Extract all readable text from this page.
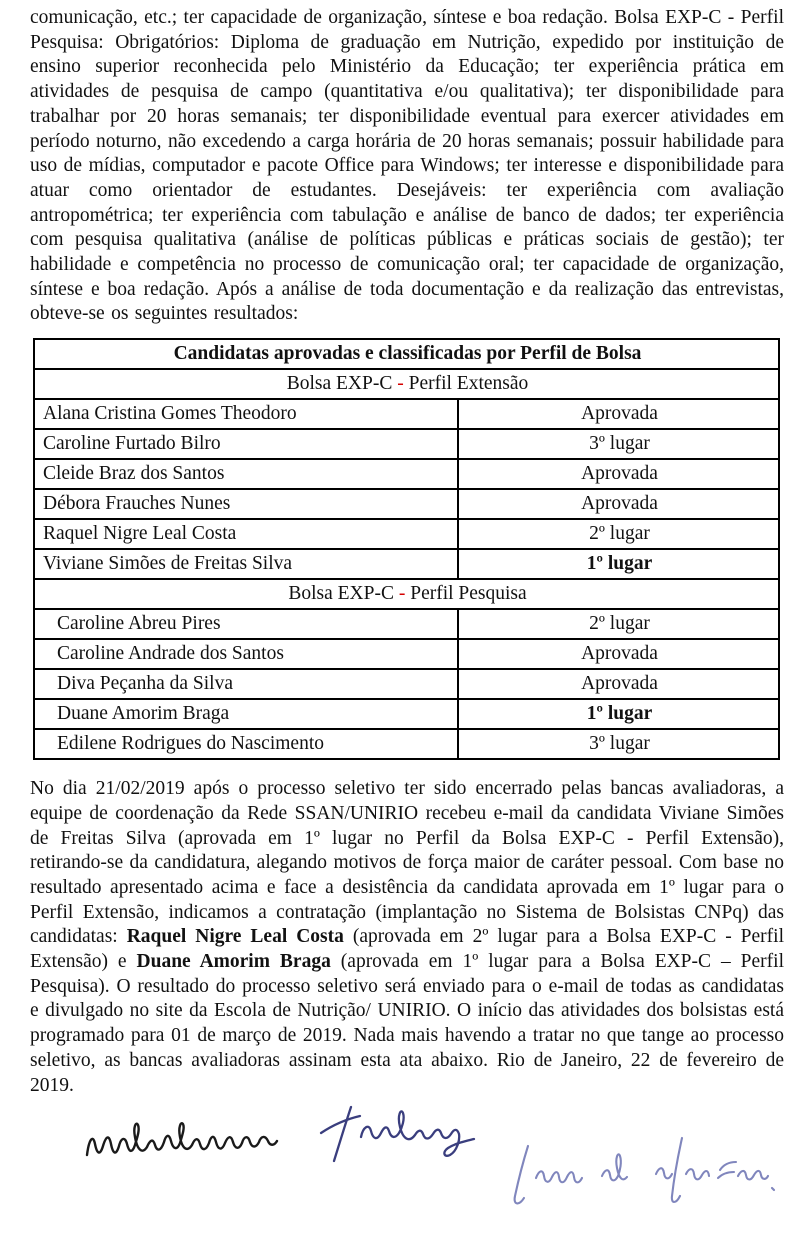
comunicação, etc.; ter capacidade de organização, síntese e boa redação. Bolsa EXP-C - Perfil Pesquisa: Obrigatórios: Diploma de graduação em Nutrição, expedido por instituição de ensino superior reconhecida pelo Ministério da Educação; ter experiência prática em atividades de pesquisa de campo (quantitativa e/ou qualitativa); ter disponibilidade para trabalhar por 20 horas semanais; ter disponibilidade eventual para exercer atividades em período noturno, não excedendo a carga horária de 20 horas semanais; possuir habilidade para uso de mídias, computador e pacote Office para Windows; ter interesse e disponibilidade para atuar como orientador de estudantes. Desejáveis: ter experiência com avaliação antropométrica; ter experiência com tabulação e análise de banco de dados; ter experiência com pesquisa qualitativa (análise de políticas públicas e práticas sociais de gestão); ter habilidade e competência no processo de comunicação oral; ter capacidade de organização, síntese e boa redação. Após a análise de toda documentação e da realização das entrevistas, obteve-se os seguintes resultados:

Candidatas aprovadas e classificadas por Perfil de Bolsa	
Bolsa EXP-C - Perfil Extensão	
Alana Cristina Gomes Theodoro	Aprovada
Caroline Furtado Bilro	3º lugar
Cleide Braz dos Santos	Aprovada
Débora Frauches Nunes	Aprovada
Raquel Nigre Leal Costa	2º lugar
Viviane Simões de Freitas Silva	1º lugar
Bolsa EXP-C - Perfil Pesquisa	
Caroline Abreu Pires	2º lugar
Caroline Andrade dos Santos	Aprovada
Diva Peçanha da Silva	Aprovada
Duane Amorim Braga	1º lugar
Edilene Rodrigues do Nascimento	3º lugar

No dia 21/02/2019 após o processo seletivo ter sido encerrado pelas bancas avaliadoras, a equipe de coordenação da Rede SSAN/UNIRIO recebeu e-mail da candidata Viviane Simões de Freitas Silva (aprovada em 1º lugar no Perfil da Bolsa EXP-C - Perfil Extensão), retirando-se da candidatura, alegando motivos de força maior de caráter pessoal. Com base no resultado apresentado acima e face a desistência da candidata aprovada em 1º lugar para o Perfil Extensão, indicamos a contratação (implantação no Sistema de Bolsistas CNPq) das candidatas: Raquel Nigre Leal Costa (aprovada em 2º lugar para a Bolsa EXP-C - Perfil Extensão) e Duane Amorim Braga (aprovada em 1º lugar para a Bolsa EXP-C – Perfil Pesquisa). O resultado do processo seletivo será enviado para o e-mail de todas as candidatas e divulgado no site da Escola de Nutrição/ UNIRIO. O início das atividades dos bolsistas está programado para 01 de março de 2019. Nada mais havendo a tratar no que tange ao processo seletivo, as bancas avaliadoras assinam esta ata abaixo. Rio de Janeiro, 22 de fevereiro de 2019.
